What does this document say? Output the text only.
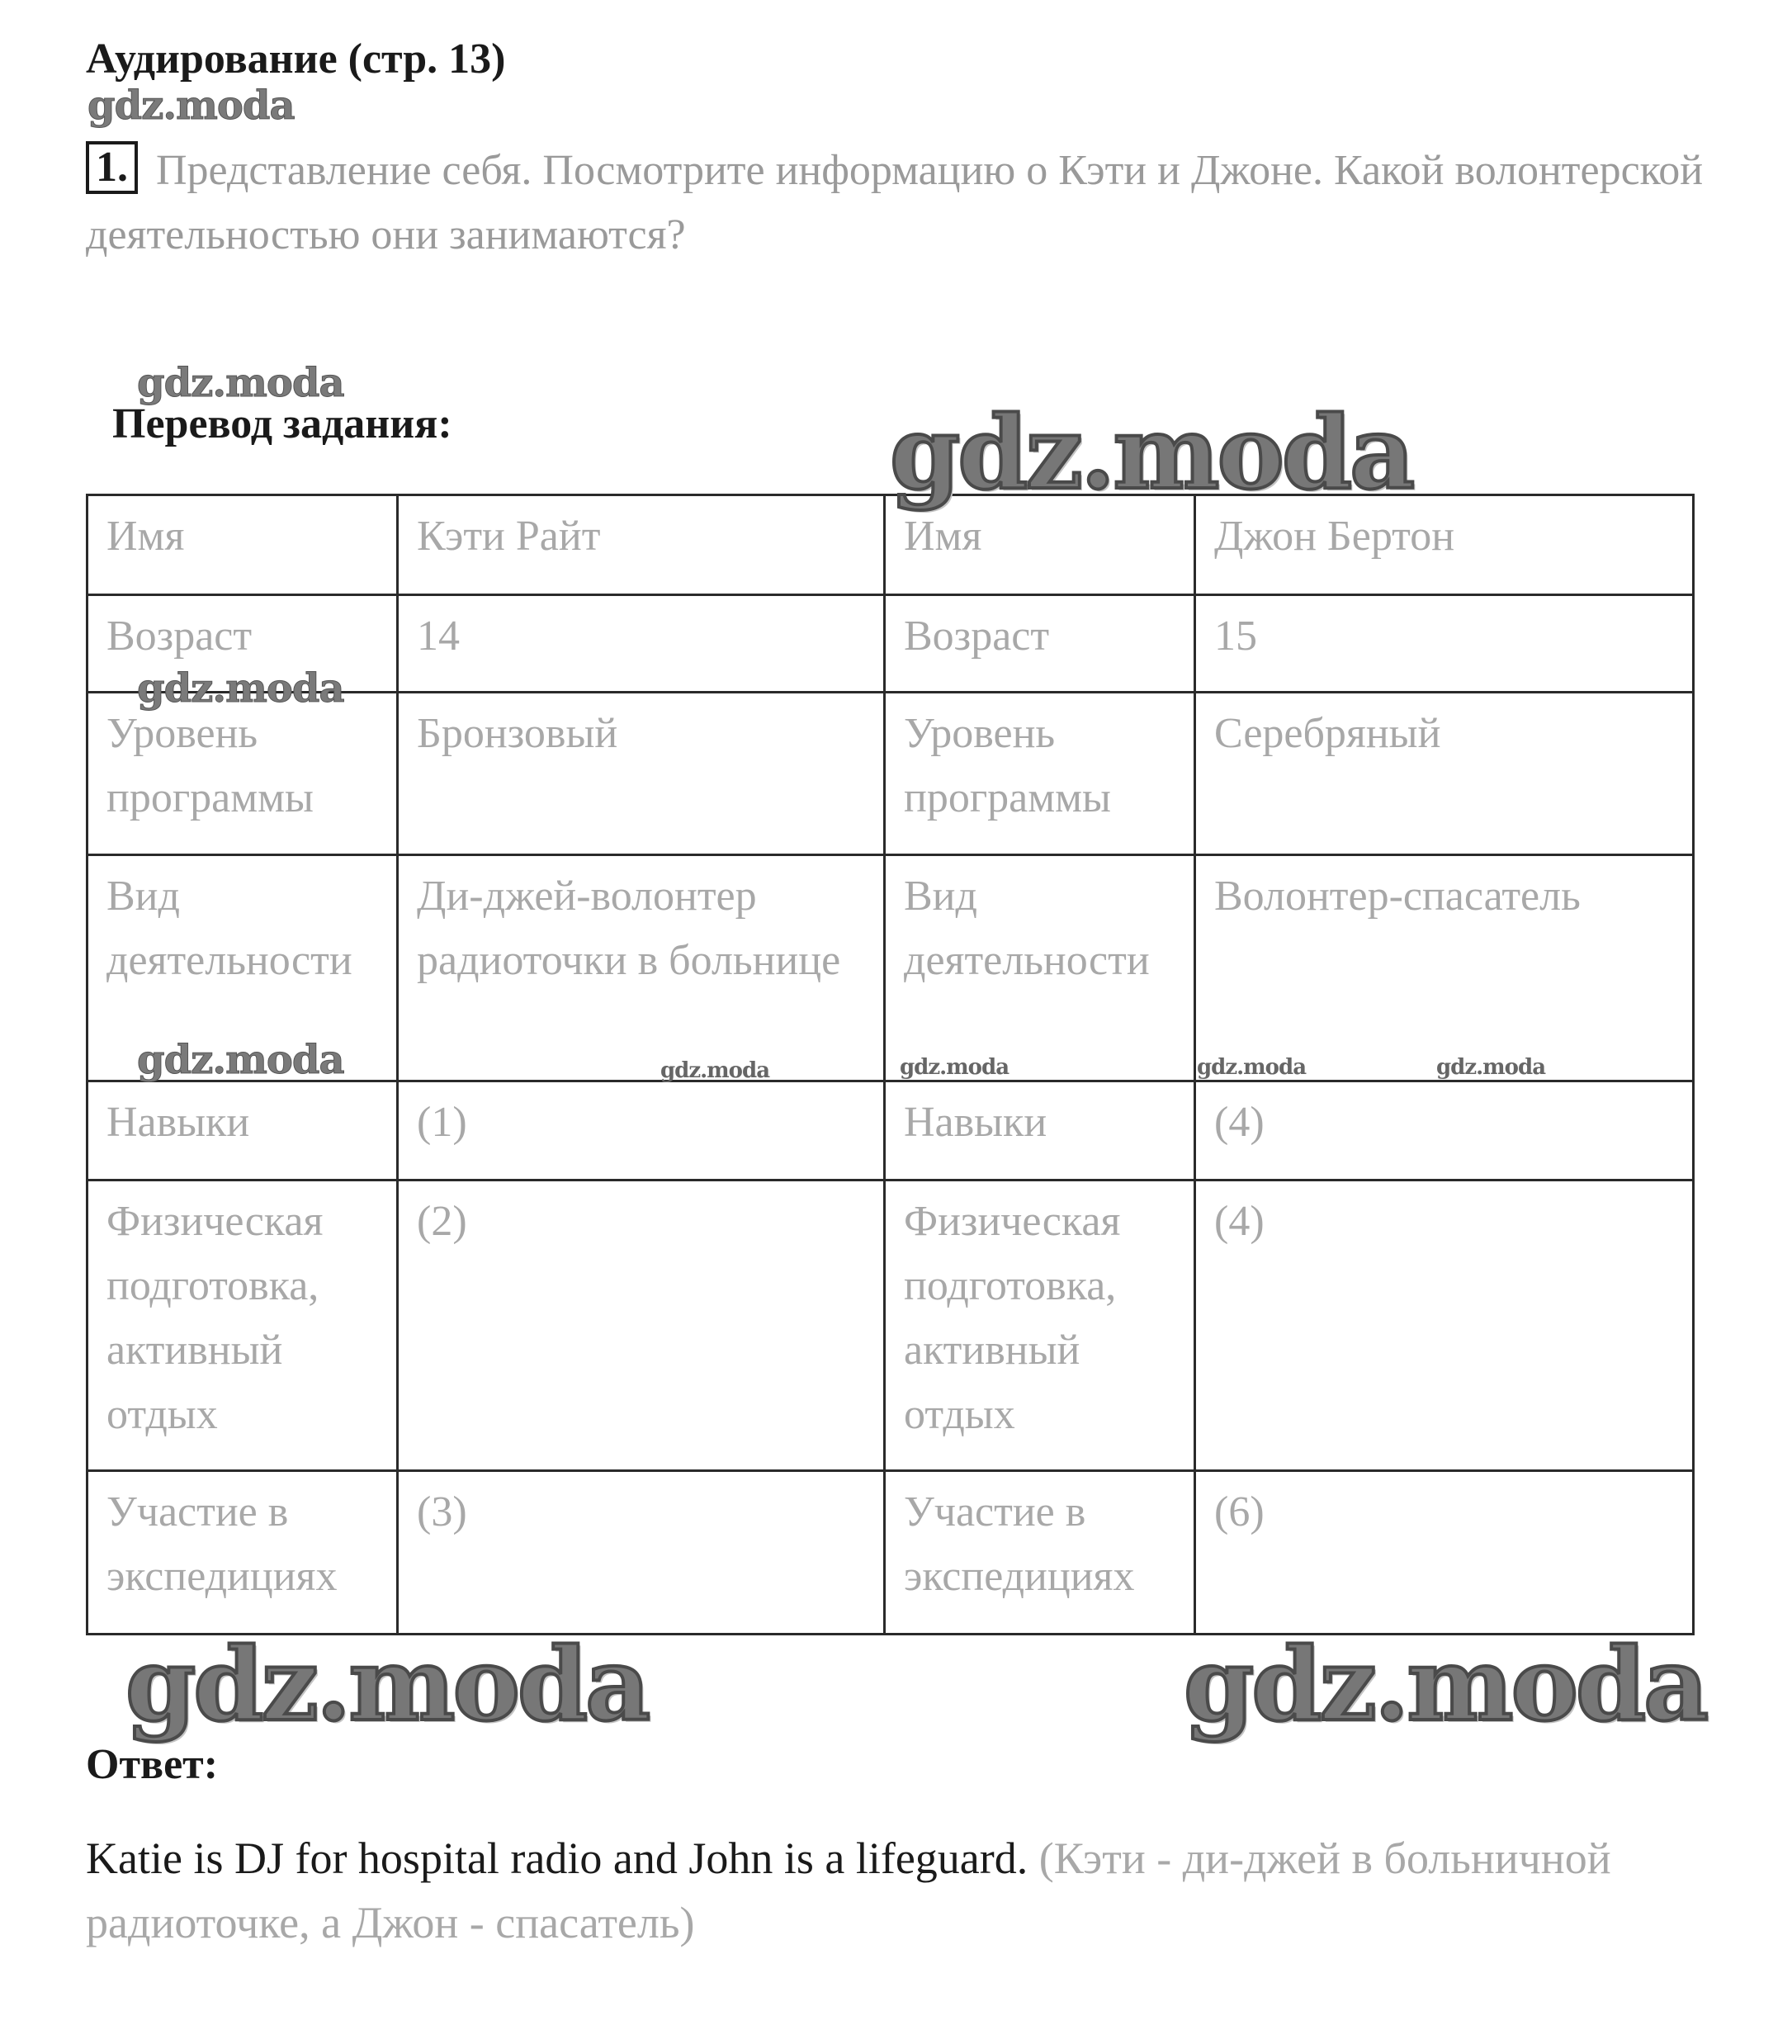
Аудирование (стр. 13)
1. Представление себя. Посмотрите информацию о Кэти и Джоне. Какой волонтерской деятельностью они занимаются?
Перевод задания:
Имя	Кэти Райт	Имя	Джон Бертон
Возраст	14	Возраст	15
Уровень программы	Бронзовый	Уровень программы	Серебряный
Вид деятельности	Ди-джей-волонтер радиоточки в больнице	Вид деятельности	Волонтер-спасатель
Навыки	(1)	Навыки	(4)
Физическая подготовка, активный отдых	(2)	Физическая подготовка, активный отдых	(4)
Участие в экспедициях	(3)	Участие в экспедициях	(6)
Ответ:
Katie is DJ for hospital radio and John is a lifeguard. (Кэти - ди-джей в больничной радиоточке, а Джон - спасатель)
gdz.moda
gdz.moda
gdz.moda
gdz.moda
gdz.moda	gdz.moda	gdz.moda	gdz.moda	gdz.moda
gdz.moda	gdz.moda
